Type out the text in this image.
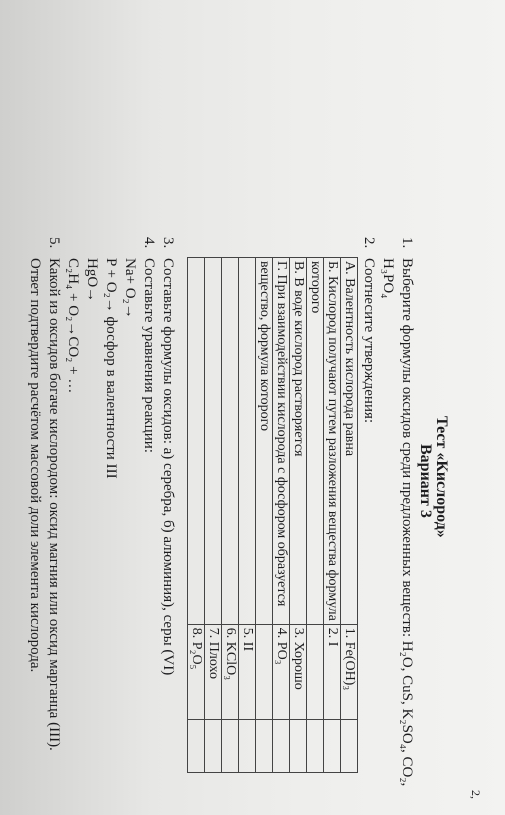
2,
Тест «Кислород»
Вариант 3
1.
Выберите формулы оксидов среди предложенных веществ: H₂O, CuS, K₂SO₄, CO₂,
H₃PO₄
2.
Соотнесите утверждения:
А. Валентность кислорода равна	1. Fe(OH)₃	
Б. Кислород получают путем разложения вещества формула	2. I	
которого		
В. В воде кислород растворяется	3. Хорошо	
Г. При взаимодействии кислорода с фосфором образуется	4. PO₃	
вещество, формула которого		
	5. II	
	6. KClO₃	
	7. Плохо	
	8. P₂O₅	
3.
Составьте формулы оксидов: а) серебра, б) алюминия), серы (VI)
4.
Составьте уравнения реакции:
Na+ O₂→
P + O₂→ фосфор в валентности III
HgO→
C₂H₄ + O₂→CO₂ + …
5.
Какой из оксидов богаче кислородом: оксид магния или оксид марганца (III).
Ответ подтвердите расчётом массовой доли элемента кислорода.
